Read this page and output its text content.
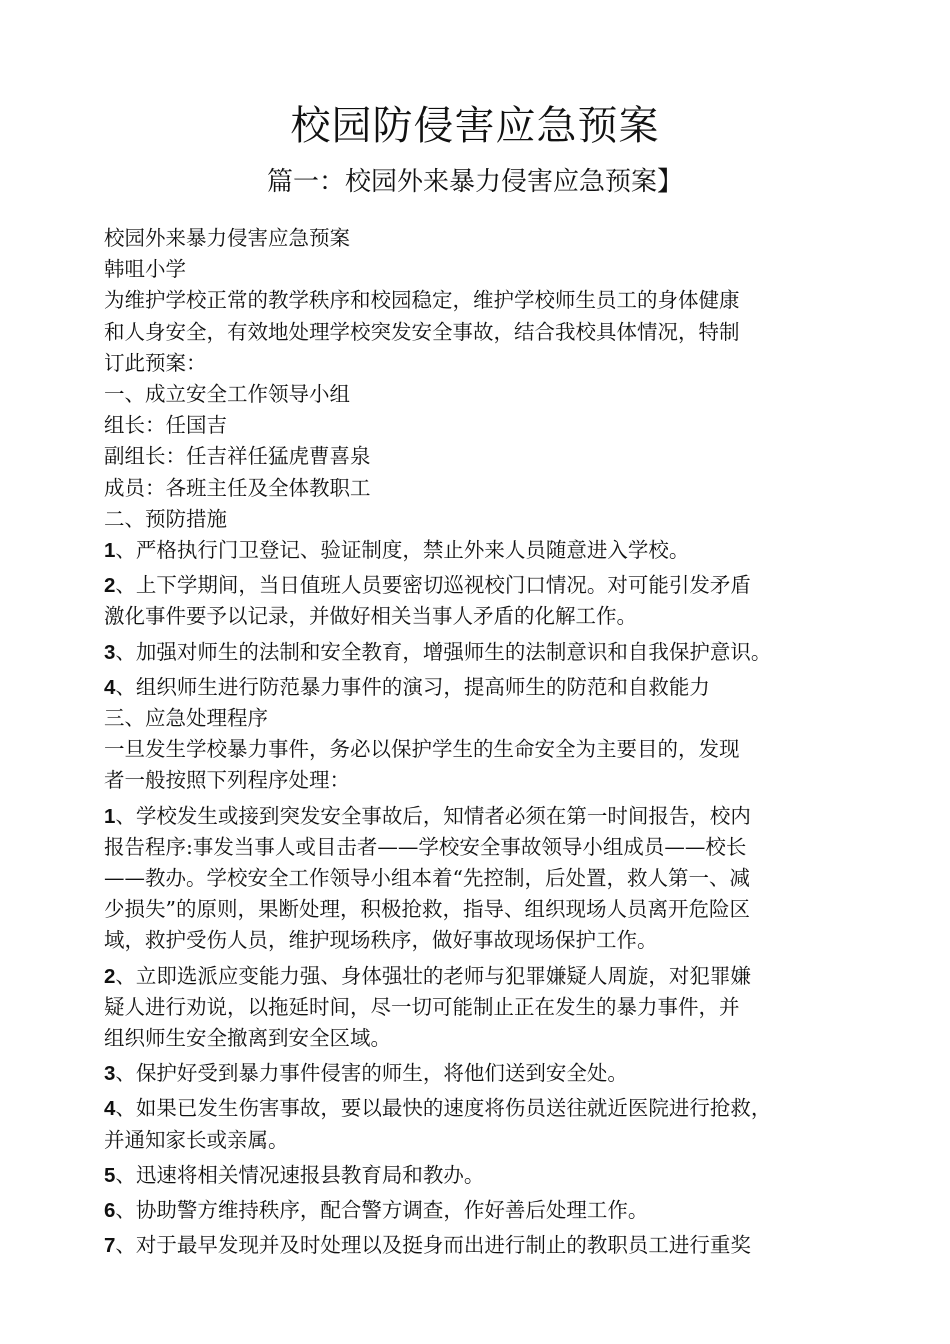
校园防侵害应急预案
篇一：校园外来暴力侵害应急预案】
校园外来暴力侵害应急预案
韩咀小学
为维护学校正常的教学秩序和校园稳定，维护学校师生员工的身体健康
和人身安全，有效地处理学校突发安全事故，结合我校具体情况，特制
订此预案：
一、成立安全工作领导小组
组长：任国吉
副组长：任吉祥任猛虎曹喜泉
成员：各班主任及全体教职工
二、预防措施
1、严格执行门卫登记、验证制度，禁止外来人员随意进入学校。
2、上下学期间，当日值班人员要密切巡视校门口情况。对可能引发矛盾
激化事件要予以记录，并做好相关当事人矛盾的化解工作。
3、加强对师生的法制和安全教育，增强师生的法制意识和自我保护意识。
4、组织师生进行防范暴力事件的演习，提高师生的防范和自救能力
三、应急处理程序
一旦发生学校暴力事件，务必以保护学生的生命安全为主要目的，发现
者一般按照下列程序处理：
1、学校发生或接到突发安全事故后，知情者必须在第一时间报告，校内
报告程序:事发当事人或目击者——学校安全事故领导小组成员——校长
——教办。学校安全工作领导小组本着“先控制，后处置，救人第一、减
少损失”的原则，果断处理，积极抢救，指导、组织现场人员离开危险区
域，救护受伤人员，维护现场秩序，做好事故现场保护工作。
2、立即选派应变能力强、身体强壮的老师与犯罪嫌疑人周旋，对犯罪嫌
疑人进行劝说，以拖延时间，尽一切可能制止正在发生的暴力事件，并
组织师生安全撤离到安全区域。
3、保护好受到暴力事件侵害的师生，将他们送到安全处。
4、如果已发生伤害事故，要以最快的速度将伤员送往就近医院进行抢救，
并通知家长或亲属。
5、迅速将相关情况速报县教育局和教办。
6、协助警方维持秩序，配合警方调查，作好善后处理工作。
7、对于最早发现并及时处理以及挺身而出进行制止的教职员工进行重奖
